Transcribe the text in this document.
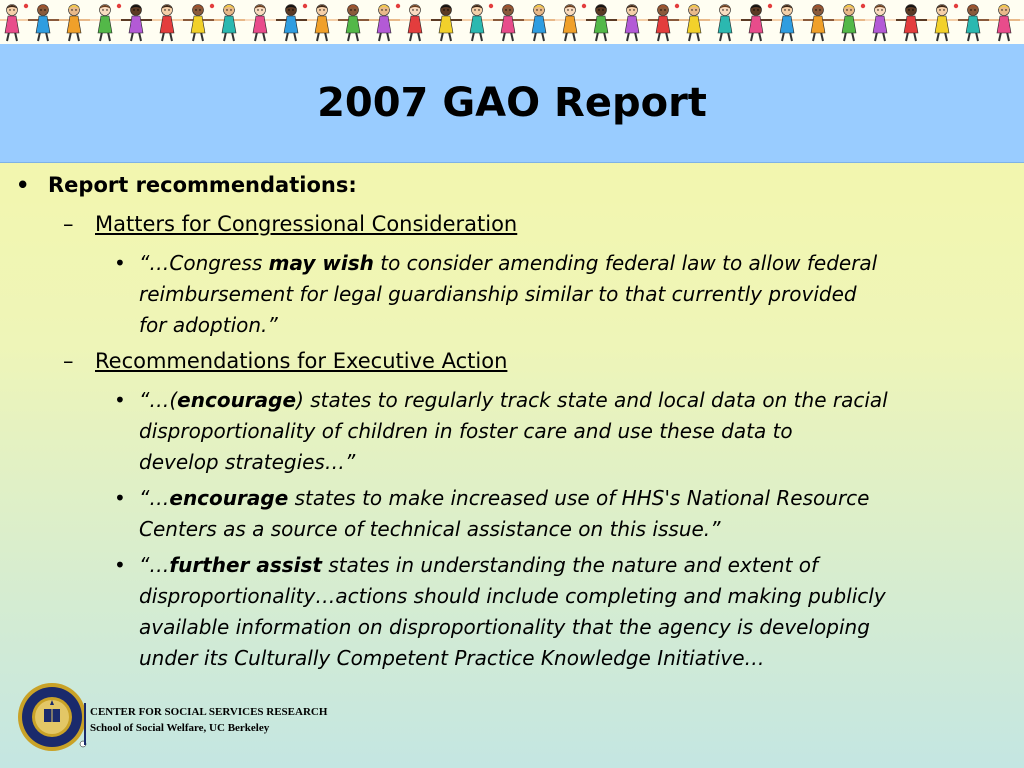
2007 GAO Report
• Report recommendations:
– Matters for Congressional Consideration
• “…Congress may wish to consider amending federal law to allow federal
reimbursement for legal guardianship similar to that currently provided
for adoption.”
– Recommendations for Executive Action
• “…(encourage) states to regularly track state and local data on the racial
disproportionality of children in foster care and use these data to
develop strategies…”
• “…encourage states to make increased use of HHS's National Resource
Centers as a source of technical assistance on this issue.”
• “…further assist states in understanding the nature and extent of
disproportionality…actions should include completing and making publicly
available information on disproportionality that the agency is developing
under its Culturally Competent Practice Knowledge Initiative…
CENTER FOR SOCIAL SERVICES RESEARCH
School of Social Welfare, UC Berkeley
